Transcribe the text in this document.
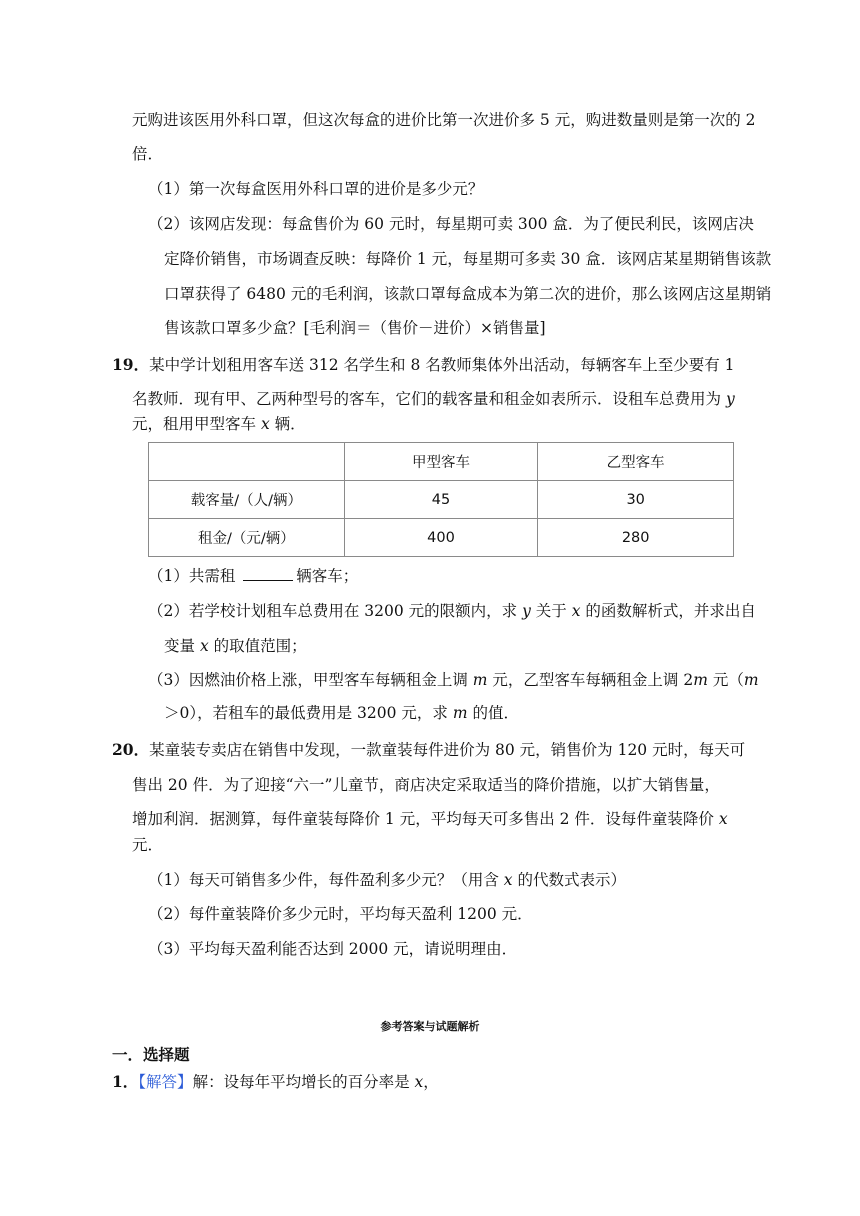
元购进该医用外科口罩，但这次每盒的进价比第一次进价多 5 元，购进数量则是第一次的 2
倍．
（1）第一次每盒医用外科口罩的进价是多少元？
（2）该网店发现：每盒售价为 60 元时，每星期可卖 300 盒．为了便民利民，该网店决
定降价销售，市场调查反映：每降价 1 元，每星期可多卖 30 盒．该网店某星期销售该款
口罩获得了 6480 元的毛利润，该款口罩每盒成本为第二次的进价，那么该网店这星期销
售该款口罩多少盒？[毛利润＝（售价－进价）×销售量]
19．某中学计划租用客车送 312 名学生和 8 名教师集体外出活动，每辆客车上至少要有 1
名教师．现有甲、乙两种型号的客车，它们的载客量和租金如表所示．设租车总费用为 y
元，租用甲型客车 x 辆．
	甲型客车	乙型客车
载客量/（人/辆）	45	30
租金/（元/辆）	400	280
（1）共需租	辆客车；
（2）若学校计划租车总费用在 3200 元的限额内，求 y 关于 x 的函数解析式，并求出自
变量 x 的取值范围；
（3）因燃油价格上涨，甲型客车每辆租金上调 m 元，乙型客车每辆租金上调 2m 元（m
＞0），若租车的最低费用是 3200 元，求 m 的值．
20．某童装专卖店在销售中发现，一款童装每件进价为 80 元，销售价为 120 元时，每天可
售出 20 件．为了迎接“六一”儿童节，商店决定采取适当的降价措施，以扩大销售量，
增加利润．据测算，每件童装每降价 1 元，平均每天可多售出 2 件．设每件童装降价 x
元．
（1）每天可销售多少件，每件盈利多少元？（用含 x 的代数式表示）
（2）每件童装降价多少元时，平均每天盈利 1200 元．
（3）平均每天盈利能否达到 2000 元，请说明理由．
参考答案与试题解析
一．选择题
1．【解答】解：设每年平均增长的百分率是 x，
